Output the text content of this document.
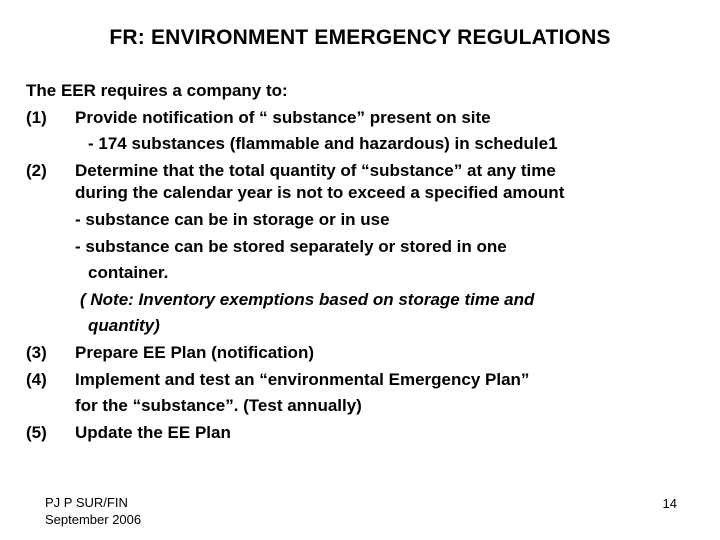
FR: ENVIRONMENT EMERGENCY REGULATIONS
The EER requires a company to:
(1) Provide notification of “ substance” present on site
- 174 substances (flammable and hazardous) in schedule1
(2) Determine that the total quantity of “substance” at any time
during the calendar year is not to exceed a specified amount
- substance can be in storage or in use
- substance can be stored separately or stored in one
container.
( Note: Inventory exemptions based on storage time and
quantity)
(3) Prepare EE Plan (notification)
(4) Implement and test an “environmental Emergency Plan”
for the “substance”. (Test annually)
(5) Update the EE Plan
PJ P SUR/FIN
September 2006
14
